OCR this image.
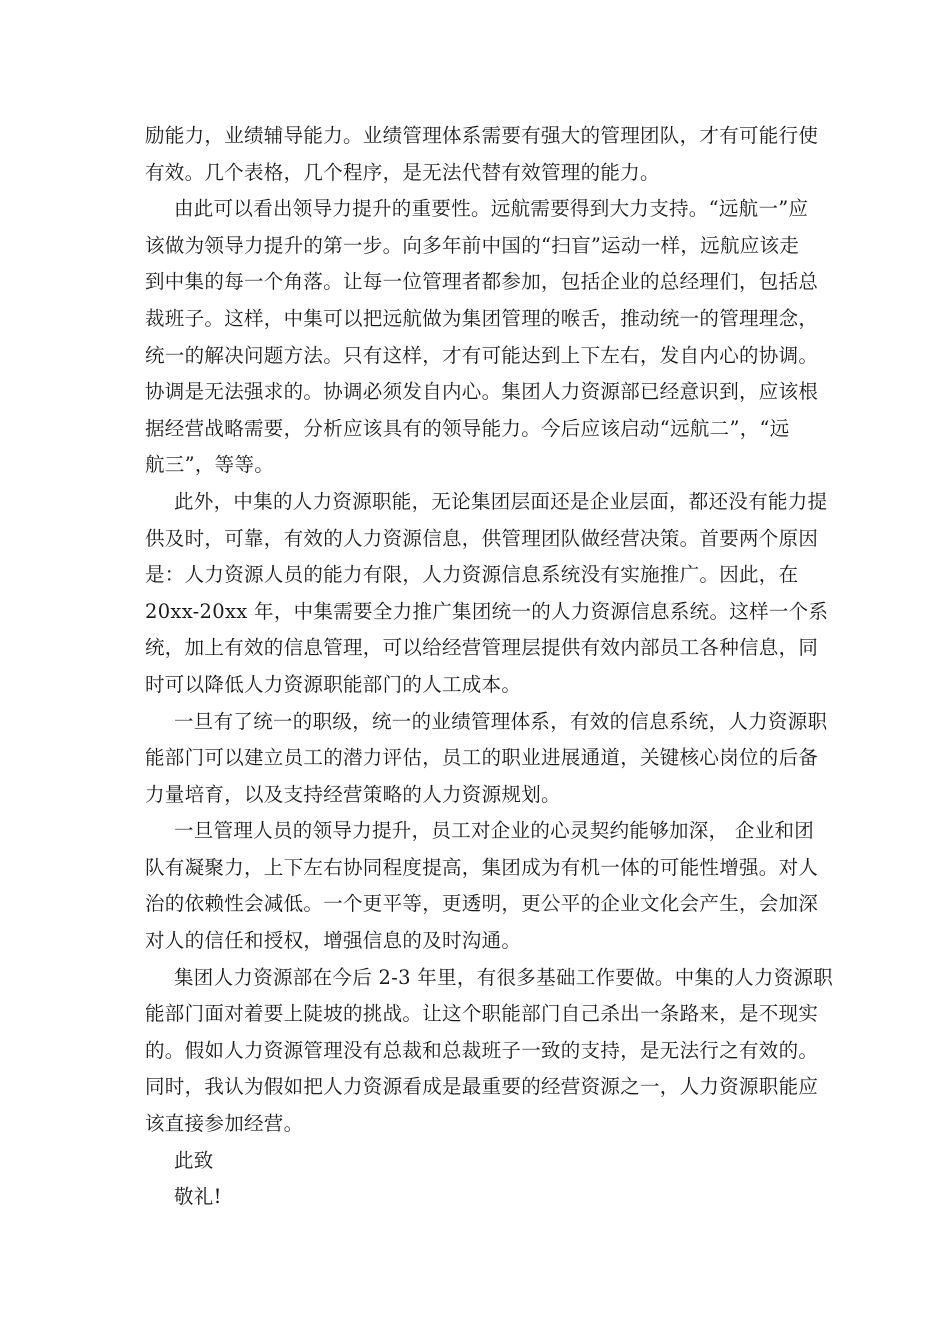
励能力，业绩辅导能力。业绩管理体系需要有强大的管理团队，才有可能行使
有效。几个表格，几个程序，是无法代替有效管理的能力。
由此可以看出领导力提升的重要性。远航需要得到大力支持。“远航一”应
该做为领导力提升的第一步。向多年前中国的“扫盲”运动一样，远航应该走
到中集的每一个角落。让每一位管理者都参加，包括企业的总经理们，包括总
裁班子。这样，中集可以把远航做为集团管理的喉舌，推动统一的管理理念，
统一的解决问题方法。只有这样，才有可能达到上下左右，发自内心的协调。
协调是无法强求的。协调必须发自内心。集团人力资源部已经意识到，应该根
据经营战略需要，分析应该具有的领导能力。今后应该启动“远航二”，“远
航三”，等等。
此外，中集的人力资源职能，无论集团层面还是企业层面，都还没有能力提
供及时，可靠，有效的人力资源信息，供管理团队做经营决策。首要两个原因
是：人力资源人员的能力有限，人力资源信息系统没有实施推广。因此，在
20xx-20xx 年，中集需要全力推广集团统一的人力资源信息系统。这样一个系
统，加上有效的信息管理，可以给经营管理层提供有效内部员工各种信息，同
时可以降低人力资源职能部门的人工成本。
一旦有了统一的职级，统一的业绩管理体系，有效的信息系统，人力资源职
能部门可以建立员工的潜力评估，员工的职业进展通道，关键核心岗位的后备
力量培育，以及支持经营策略的人力资源规划。
一旦管理人员的领导力提升，员工对企业的心灵契约能够加深， 企业和团
队有凝聚力，上下左右协同程度提高，集团成为有机一体的可能性增强。对人
治的依赖性会减低。一个更平等，更透明，更公平的企业文化会产生，会加深
对人的信任和授权，增强信息的及时沟通。
集团人力资源部在今后 2-3 年里，有很多基础工作要做。中集的人力资源职
能部门面对着要上陡坡的挑战。让这个职能部门自己杀出一条路来，是不现实
的。假如人力资源管理没有总裁和总裁班子一致的支持，是无法行之有效的。
同时，我认为假如把人力资源看成是最重要的经营资源之一，人力资源职能应
该直接参加经营。
此致
敬礼!
